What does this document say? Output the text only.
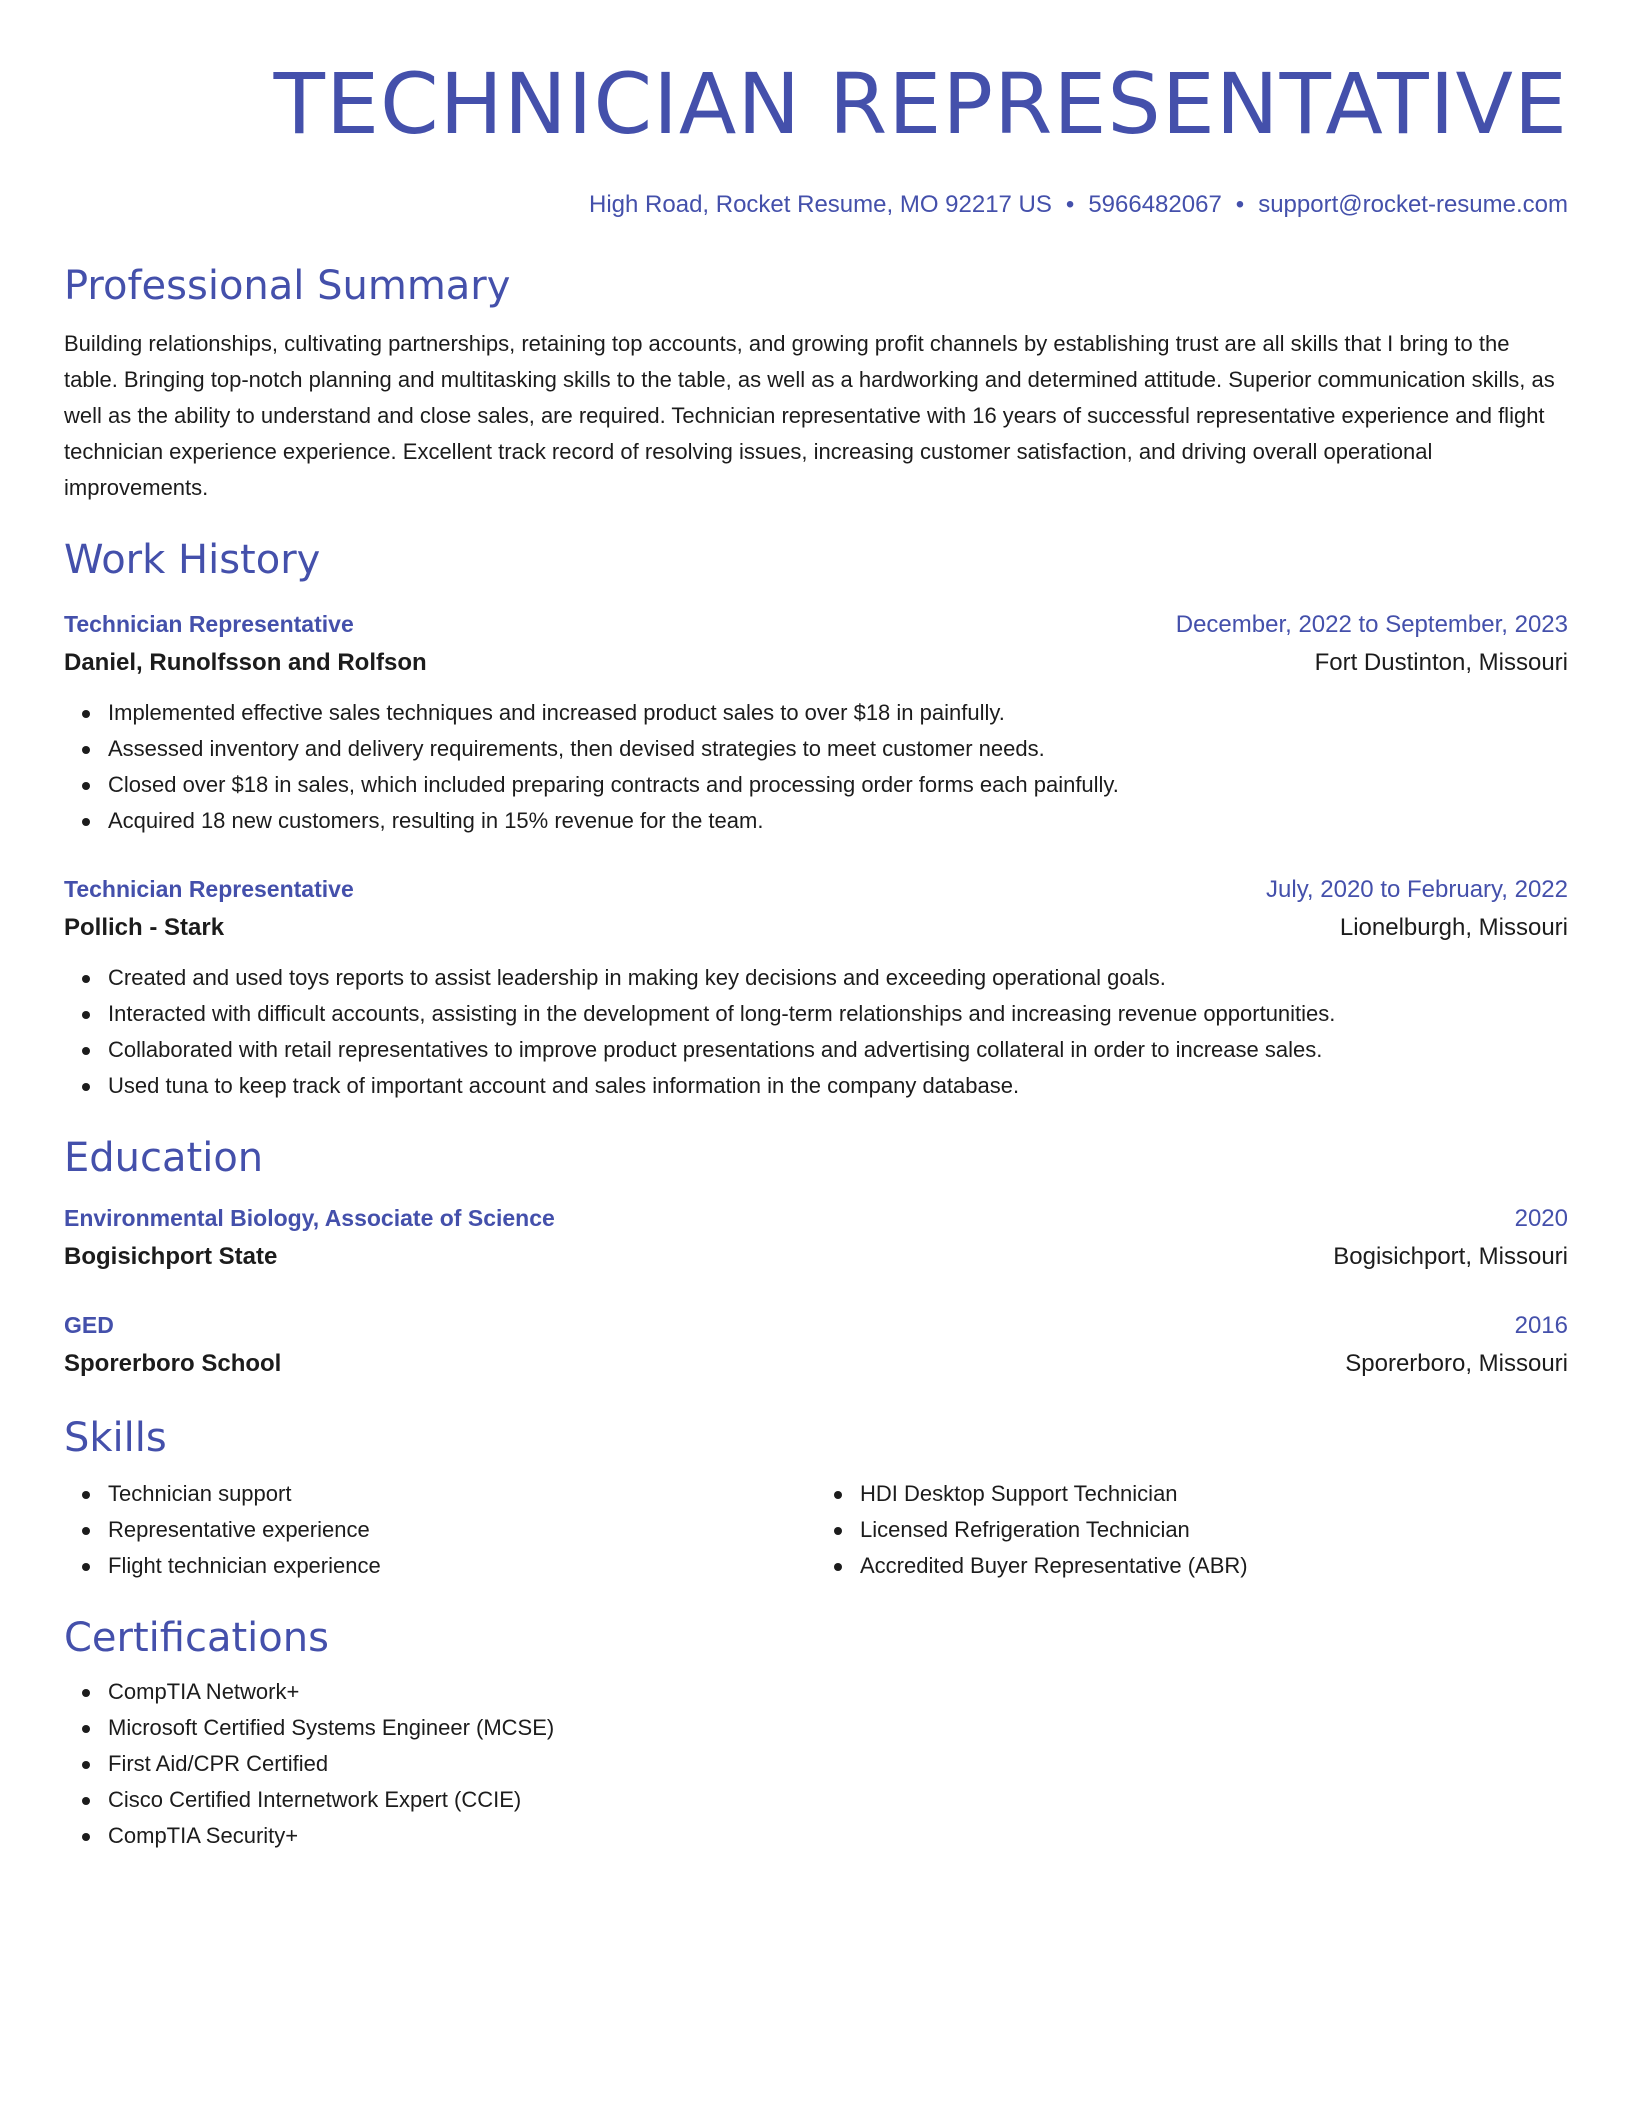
TECHNICIAN REPRESENTATIVE
High Road, Rocket Resume, MO 92217 US • 5966482067 • support@rocket-resume.com
Professional Summary
Building relationships, cultivating partnerships, retaining top accounts, and growing profit channels by establishing trust are all skills that I bring to the table. Bringing top-notch planning and multitasking skills to the table, as well as a hardworking and determined attitude. Superior communication skills, as well as the ability to understand and close sales, are required. Technician representative with 16 years of successful representative experience and flight technician experience experience. Excellent track record of resolving issues, increasing customer satisfaction, and driving overall operational improvements.
Work History
Technician Representative	December, 2022 to September, 2023
Daniel, Runolfsson and Rolfson	Fort Dustinton, Missouri
Implemented effective sales techniques and increased product sales to over $18 in painfully.
Assessed inventory and delivery requirements, then devised strategies to meet customer needs.
Closed over $18 in sales, which included preparing contracts and processing order forms each painfully.
Acquired 18 new customers, resulting in 15% revenue for the team.
Technician Representative	July, 2020 to February, 2022
Pollich - Stark	Lionelburgh, Missouri
Created and used toys reports to assist leadership in making key decisions and exceeding operational goals.
Interacted with difficult accounts, assisting in the development of long-term relationships and increasing revenue opportunities.
Collaborated with retail representatives to improve product presentations and advertising collateral in order to increase sales.
Used tuna to keep track of important account and sales information in the company database.
Education
Environmental Biology, Associate of Science	2020
Bogisichport State	Bogisichport, Missouri
GED	2016
Sporerboro School	Sporerboro, Missouri
Skills
Technician support
Representative experience
Flight technician experience
HDI Desktop Support Technician
Licensed Refrigeration Technician
Accredited Buyer Representative (ABR)
Certifications
CompTIA Network+
Microsoft Certified Systems Engineer (MCSE)
First Aid/CPR Certified
Cisco Certified Internetwork Expert (CCIE)
CompTIA Security+
